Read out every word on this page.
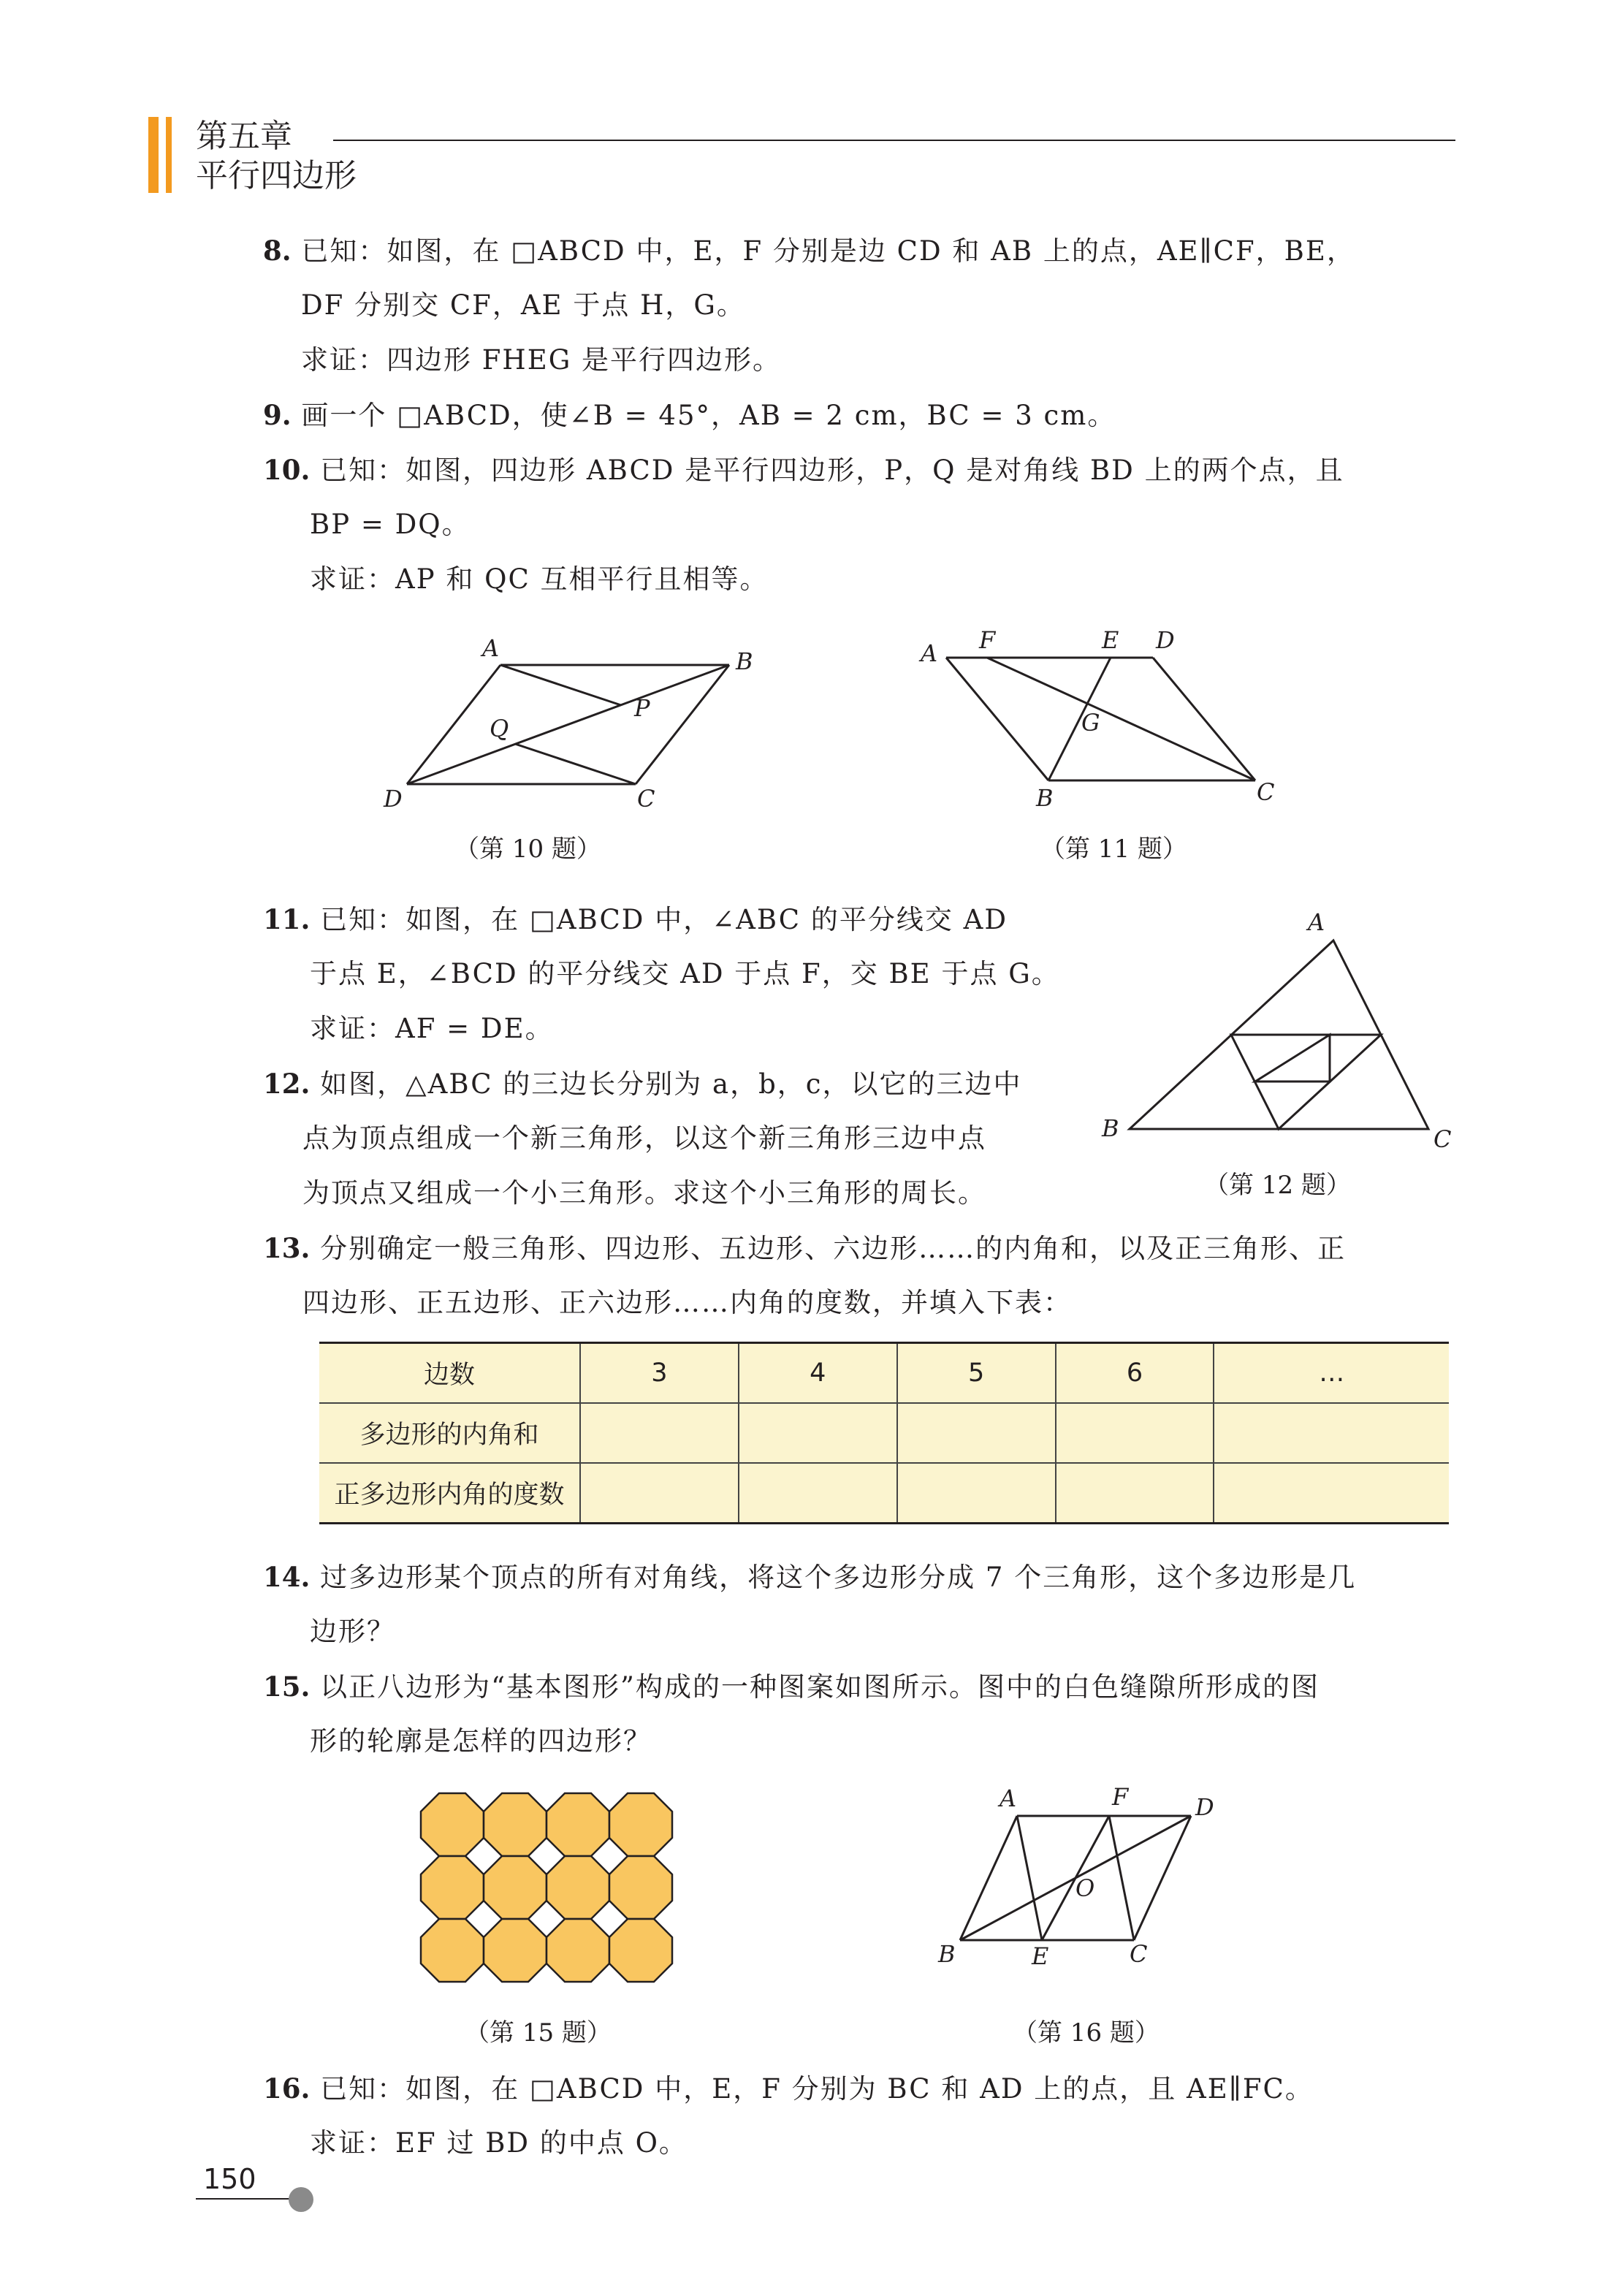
第五章
平行四边形
8. 已知：如图，在 □ABCD 中，E，F 分别是边 CD 和 AB 上的点，AE∥CF，BE，
DF 分别交 CF，AE 于点 H，G。
求证：四边形 FHEG 是平行四边形。
9. 画一个 □ABCD，使∠B = 45°，AB = 2 cm，BC = 3 cm。
10. 已知：如图，四边形 ABCD 是平行四边形，P，Q 是对角线 BD 上的两个点，且
BP = DQ。
求证：AP 和 QC 互相平行且相等。
A	B
C
D
P
Q
（第 10 题）
A F	E D
G
B	C
（第 11 题）
11. 已知：如图，在 □ABCD 中，∠ABC 的平分线交 AD
于点 E，∠BCD 的平分线交 AD 于点 F，交 BE 于点 G。
求证：AF = DE。
12. 如图，△ABC 的三边长分别为 a，b，c，以它的三边中
点为顶点组成一个新三角形，以这个新三角形三边中点
为顶点又组成一个小三角形。求这个小三角形的周长。
A
B	C
（第 12 题）
13. 分别确定一般三角形、四边形、五边形、六边形……的内角和，以及正三角形、正
四边形、正五边形、正六边形……内角的度数，并填入下表：
边数	3	4	5	6	…
多边形的内角和					
正多边形内角的度数					
14. 过多边形某个顶点的所有对角线，将这个多边形分成 7 个三角形，这个多边形是几
边形？
15. 以正八边形为“基本图形”构成的一种图案如图所示。图中的白色缝隙所形成的图
形的轮廓是怎样的四边形？
（第 15 题）
A	F	D
O
B	E	C
（第 16 题）
16. 已知：如图，在 □ABCD 中，E，F 分别为 BC 和 AD 上的点，且 AE∥FC。
求证：EF 过 BD 的中点 O。
150
